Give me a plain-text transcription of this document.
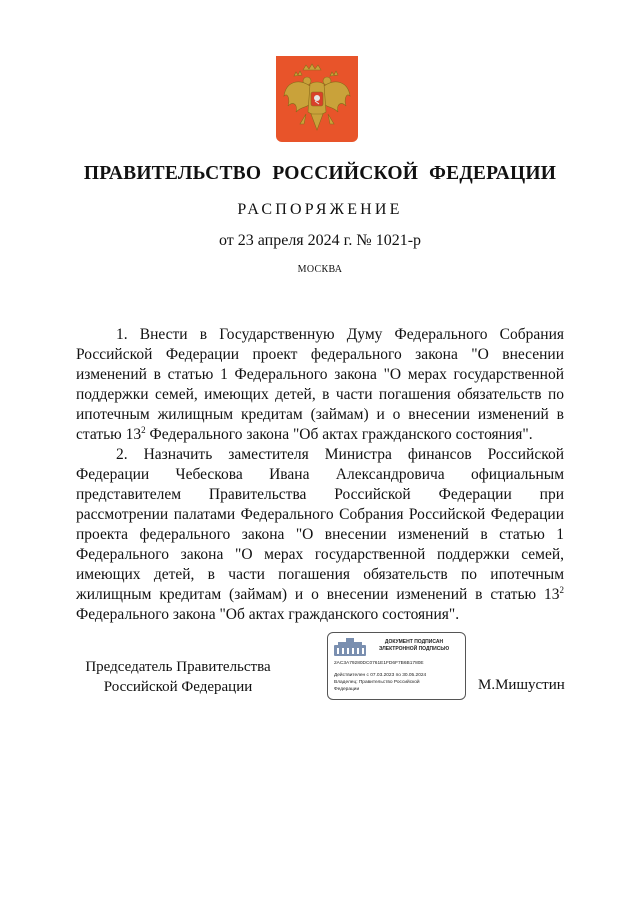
ПРАВИТЕЛЬСТВО РОССИЙСКОЙ ФЕДЕРАЦИИ
РАСПОРЯЖЕНИЕ
от 23 апреля 2024 г. № 1021-р
МОСКВА

1. Внести в Государственную Думу Федерального Собрания Российской Федерации проект федерального закона "О внесении изменений в статью 1 Федерального закона "О мерах государственной поддержки семей, имеющих детей, в части погашения обязательств по ипотечным жилищным кредитам (займам) и о внесении изменений в статью $13^2$ Федерального закона "Об актах гражданского состояния".

2. Назначить заместителя Министра финансов Российской Федерации Чебескова Ивана Александровича официальным представителем Правительства Российской Федерации при рассмотрении палатами Федерального Собрания Российской Федерации проекта федерального закона "О внесении изменений в статью 1 Федерального закона "О мерах государственной поддержки семей, имеющих детей, в части погашения обязательств по ипотечным жилищным кредитам (займам) и о внесении изменений в статью $13^2$ Федерального закона "Об актах гражданского состояния".

Председатель Правительства
Российской Федерации
ДОКУМЕНТ ПОДПИСАН
ЭЛЕКТРОННОЙ ПОДПИСЬЮ
2AC3A79280DC0761E1FD6F7B6B1780E
Действителен с 07.03.2023 по 30.05.2024
Владелец: Правительство Российской
Федерации	М.Мишустин
